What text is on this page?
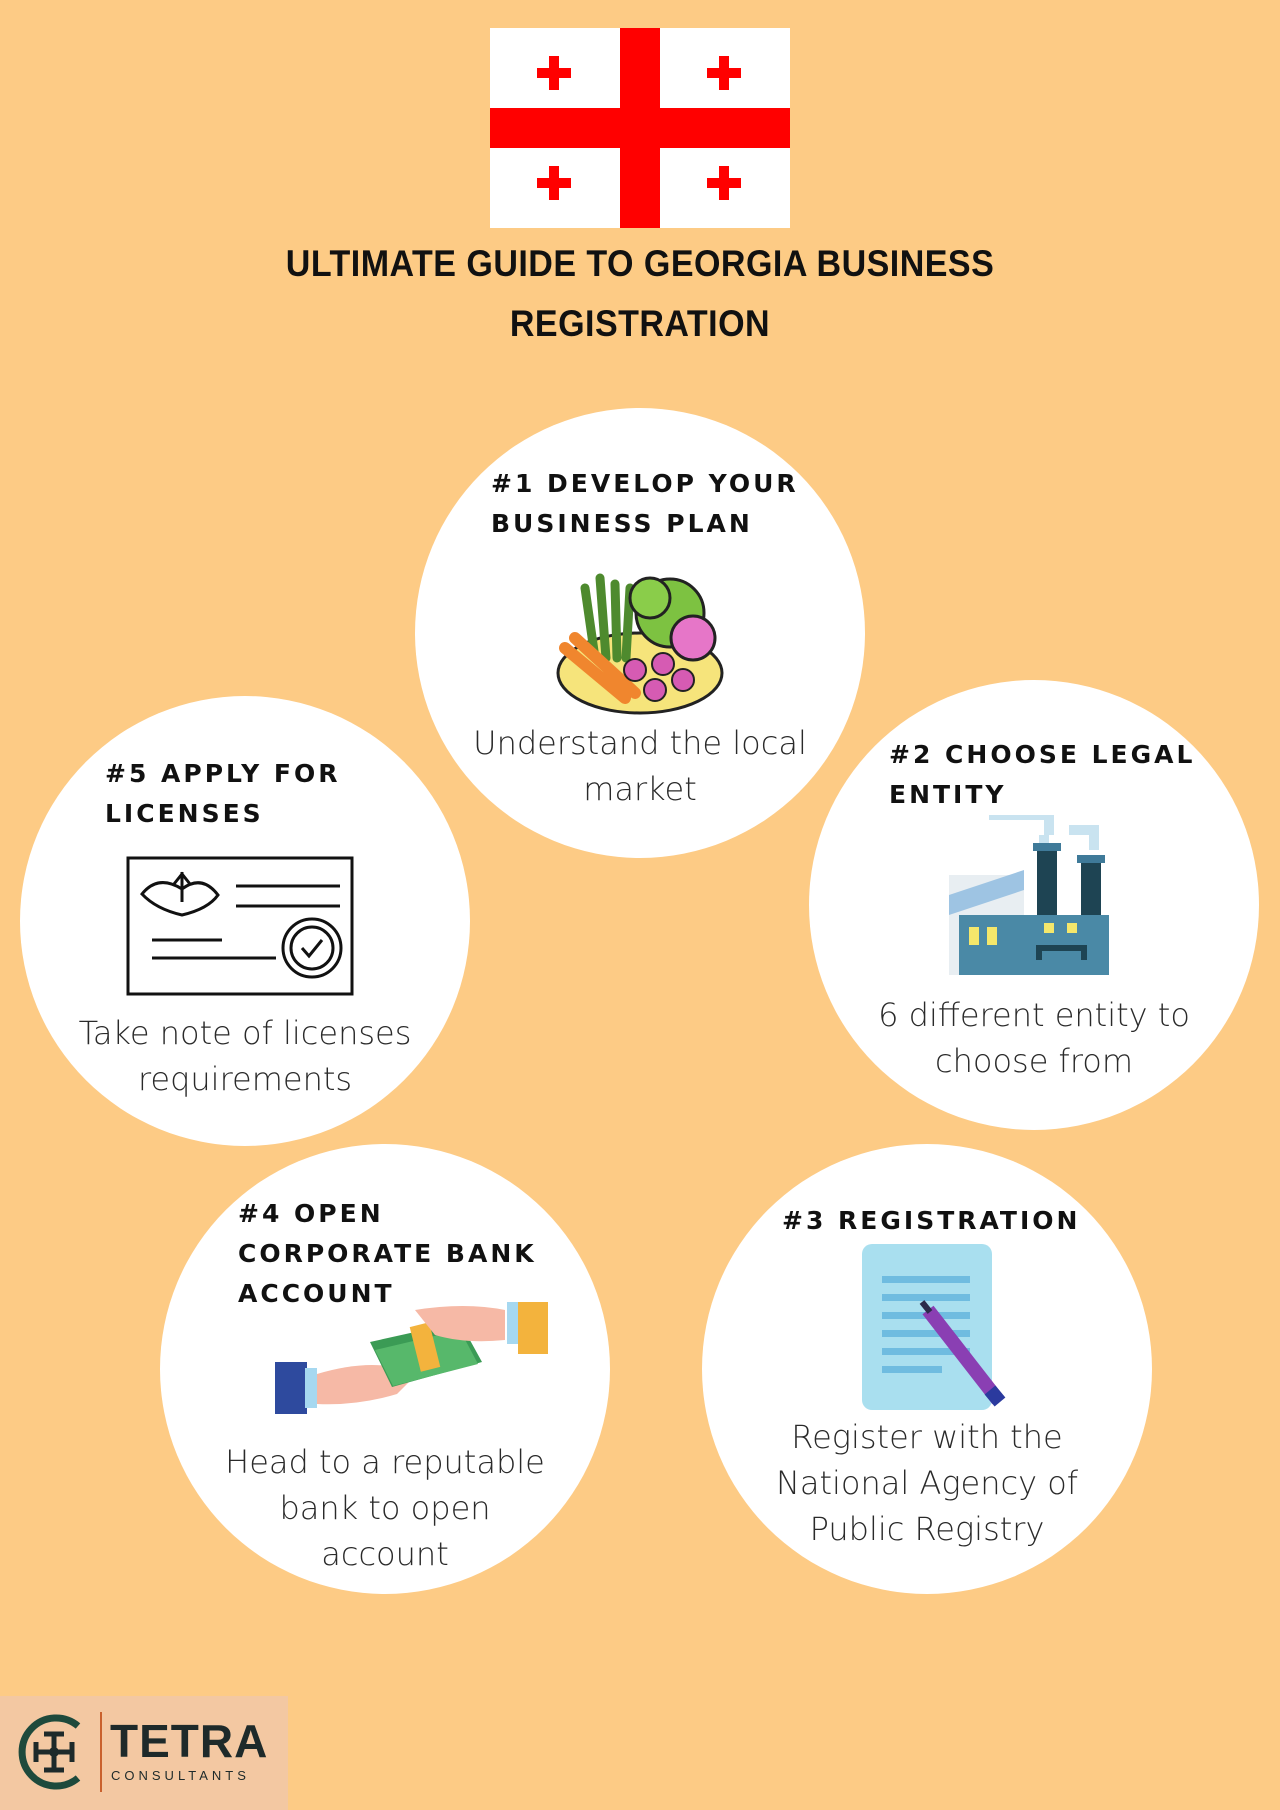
ULTIMATE GUIDE TO GEORGIA BUSINESS
REGISTRATION
#1 DEVELOP YOUR
BUSINESS PLAN
Understand the local
market
#2 CHOOSE LEGAL
ENTITY
6 different entity to
choose from
#3 REGISTRATION
Register with the
National Agency of
Public Registry
#4 OPEN
CORPORATE BANK
ACCOUNT
Head to a reputable
bank to open
account
#5 APPLY FOR
LICENSES
Take note of licenses
requirements
TETRA
CONSULTANTS
